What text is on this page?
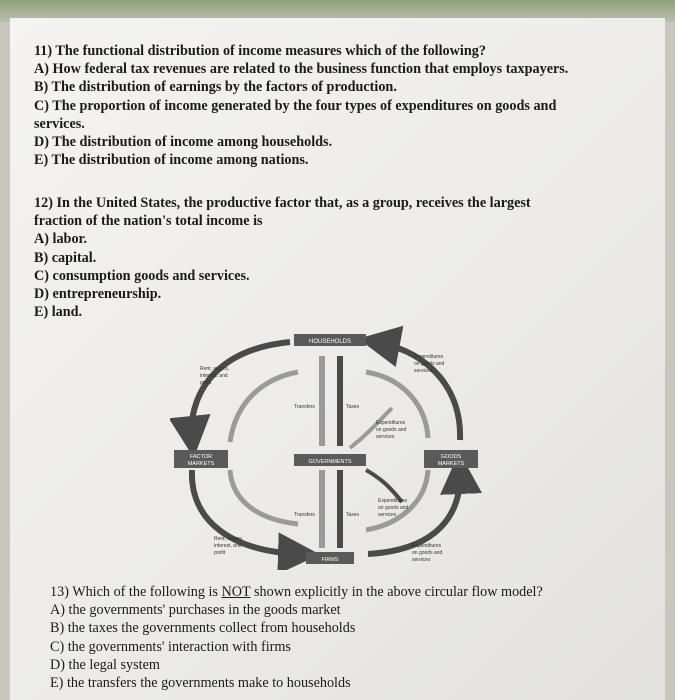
11) The functional distribution of income measures which of the following?

A) How federal tax revenues are related to the business function that employs taxpayers.

B) The distribution of earnings by the factors of production.

C) The proportion of income generated by the four types of expenditures on goods and services.

D) The distribution of income among households.

E) The distribution of income among nations.

12) In the United States, the productive factor that, as a group, receives the largest fraction of the nation's total income is

A) labor.

B) capital.

C) consumption goods and services.

D) entrepreneurship.

E) land.

HOUSEHOLDS
FACTOR
MARKETS	GOVERNMENTS
GOODS
MARKETS
FIRMS
Rent, wages,
interest, and
profit
Expenditures
on goods and
services
Transfers	Taxes
Expenditures
on goods and
services
Expenditures
on goods and
services
Transfers	Taxes
Rent, wages,
interest, and
profit
Expenditures
on goods and
services

13) Which of the following is NOT shown explicitly in the above circular flow model?

A) the governments' purchases in the goods market

B) the taxes the governments collect from households

C) the governments' interaction with firms

D) the legal system

E) the transfers the governments make to households
